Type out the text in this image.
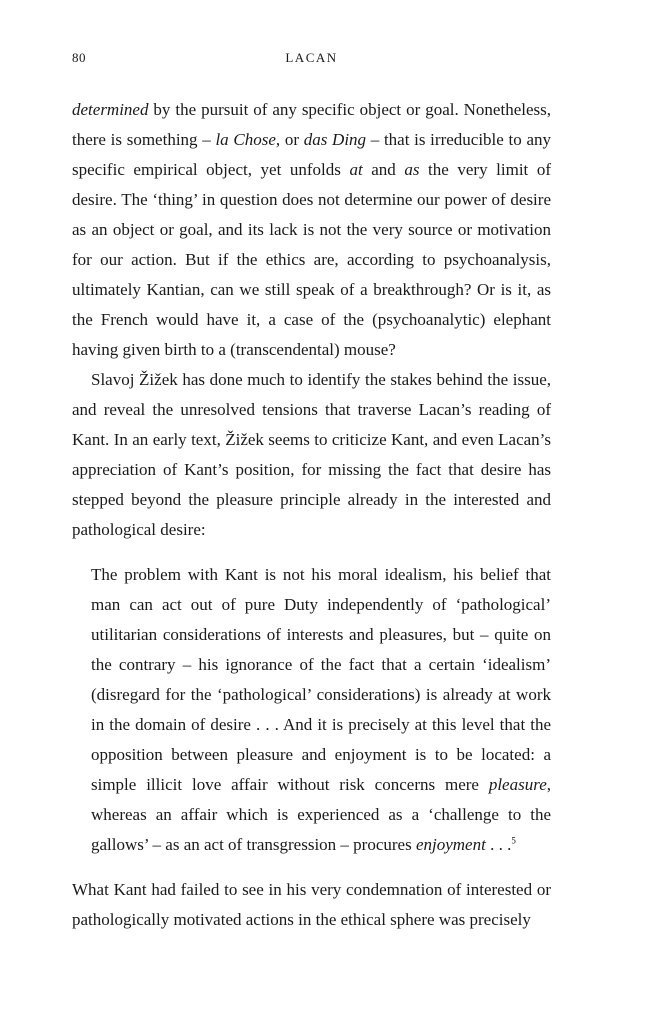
80	LACAN

determined by the pursuit of any specific object or goal. Nonetheless, there is something – la Chose, or das Ding – that is irreducible to any specific empirical object, yet unfolds at and as the very limit of desire. The ‘thing’ in question does not determine our power of desire as an object or goal, and its lack is not the very source or motivation for our action. But if the ethics are, according to psychoanalysis, ultimately Kantian, can we still speak of a breakthrough? Or is it, as the French would have it, a case of the (psychoanalytic) elephant having given birth to a (transcendental) mouse?

Slavoj Žižek has done much to identify the stakes behind the issue, and reveal the unresolved tensions that traverse Lacan’s reading of Kant. In an early text, Žižek seems to criticize Kant, and even Lacan’s appreciation of Kant’s position, for missing the fact that desire has stepped beyond the pleasure principle already in the interested and pathological desire:

The problem with Kant is not his moral idealism, his belief that man can act out of pure Duty independently of ‘pathological’ utilitarian considerations of interests and pleasures, but – quite on the contrary – his ignorance of the fact that a certain ‘idealism’ (disregard for the ‘pathological’ considerations) is already at work in the domain of desire . . . And it is precisely at this level that the opposition between pleasure and enjoyment is to be located: a simple illicit love affair without risk concerns mere pleasure, whereas an affair which is experienced as a ‘challenge to the gallows’ – as an act of transgression – procures enjoyment . . .$^5$

What Kant had failed to see in his very condemnation of interested or pathologically motivated actions in the ethical sphere was precisely
